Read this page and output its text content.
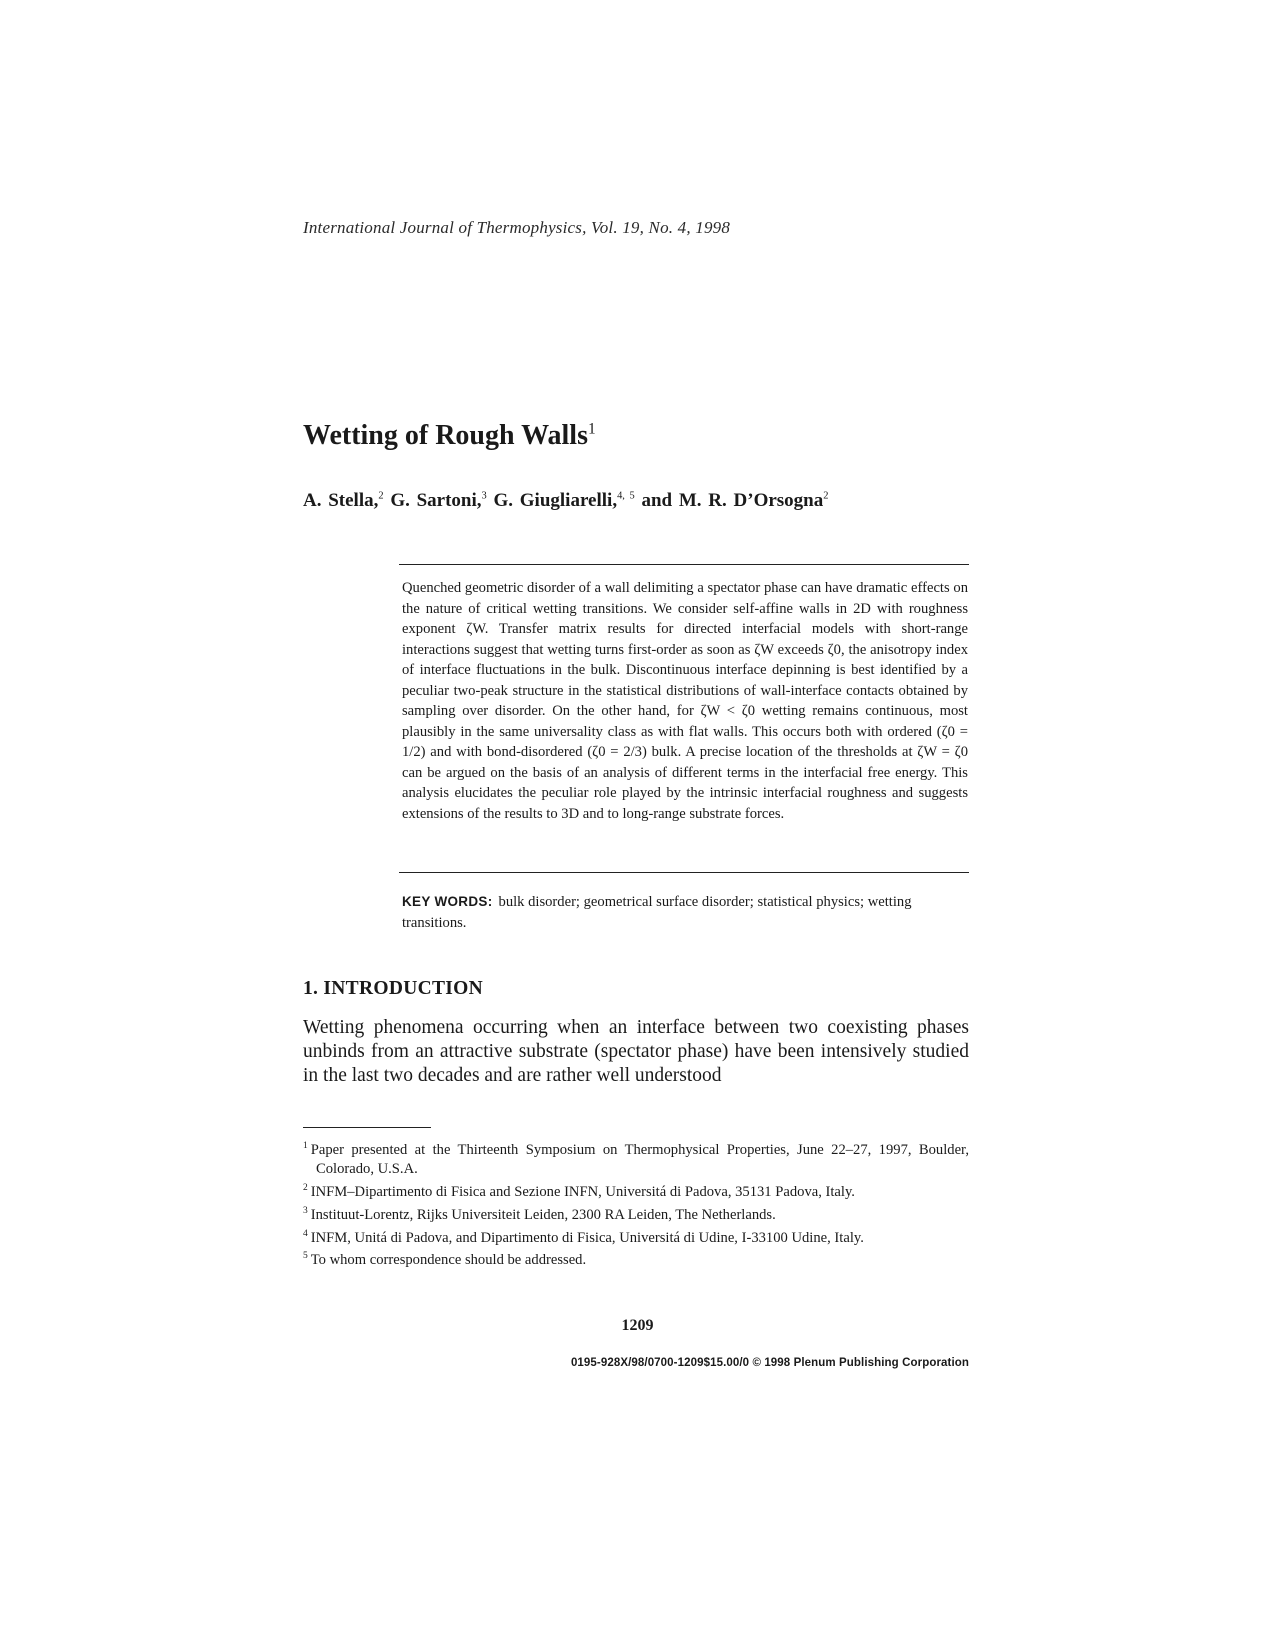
International Journal of Thermophysics, Vol. 19, No. 4, 1998
Wetting of Rough Walls$^1$
A. Stella,$^2$ G. Sartoni,$^3$ G. Giugliarelli,$^{4, 5}$ and M. R. D’Orsogna$^2$

Quenched geometric disorder of a wall delimiting a spectator phase can have dramatic effects on the nature of critical wetting transitions. We consider self-affine walls in 2D with roughness exponent ζW. Transfer matrix results for directed interfacial models with short-range interactions suggest that wetting turns first-order as soon as ζW exceeds ζ0, the anisotropy index of interface fluctuations in the bulk. Discontinuous interface depinning is best identified by a peculiar two-peak structure in the statistical distributions of wall-interface contacts obtained by sampling over disorder. On the other hand, for ζW < ζ0 wetting remains continuous, most plausibly in the same universality class as with flat walls. This occurs both with ordered (ζ0 = 1/2) and with bond-disordered (ζ0 = 2/3) bulk. A precise location of the thresholds at ζW = ζ0 can be argued on the basis of an analysis of different terms in the interfacial free energy. This analysis elucidates the peculiar role played by the intrinsic interfacial roughness and suggests extensions of the results to 3D and to long-range substrate forces.

KEY WORDS: bulk disorder; geometrical surface disorder; statistical physics; wetting transitions.
1. INTRODUCTION

Wetting phenomena occurring when an interface between two coexisting phases unbinds from an attractive substrate (spectator phase) have been intensively studied in the last two decades and are rather well understood

$^1$ Paper presented at the Thirteenth Symposium on Thermophysical Properties, June 22–27, 1997, Boulder, Colorado, U.S.A.
$^2$ INFM–Dipartimento di Fisica and Sezione INFN, Universitá di Padova, 35131 Padova, Italy.
$^3$ Instituut-Lorentz, Rijks Universiteit Leiden, 2300 RA Leiden, The Netherlands.
$^4$ INFM, Unitá di Padova, and Dipartimento di Fisica, Universitá di Udine, I-33100 Udine, Italy.
$^5$ To whom correspondence should be addressed.
1209
0195-928X/98/0700-1209$15.00/0 © 1998 Plenum Publishing Corporation
